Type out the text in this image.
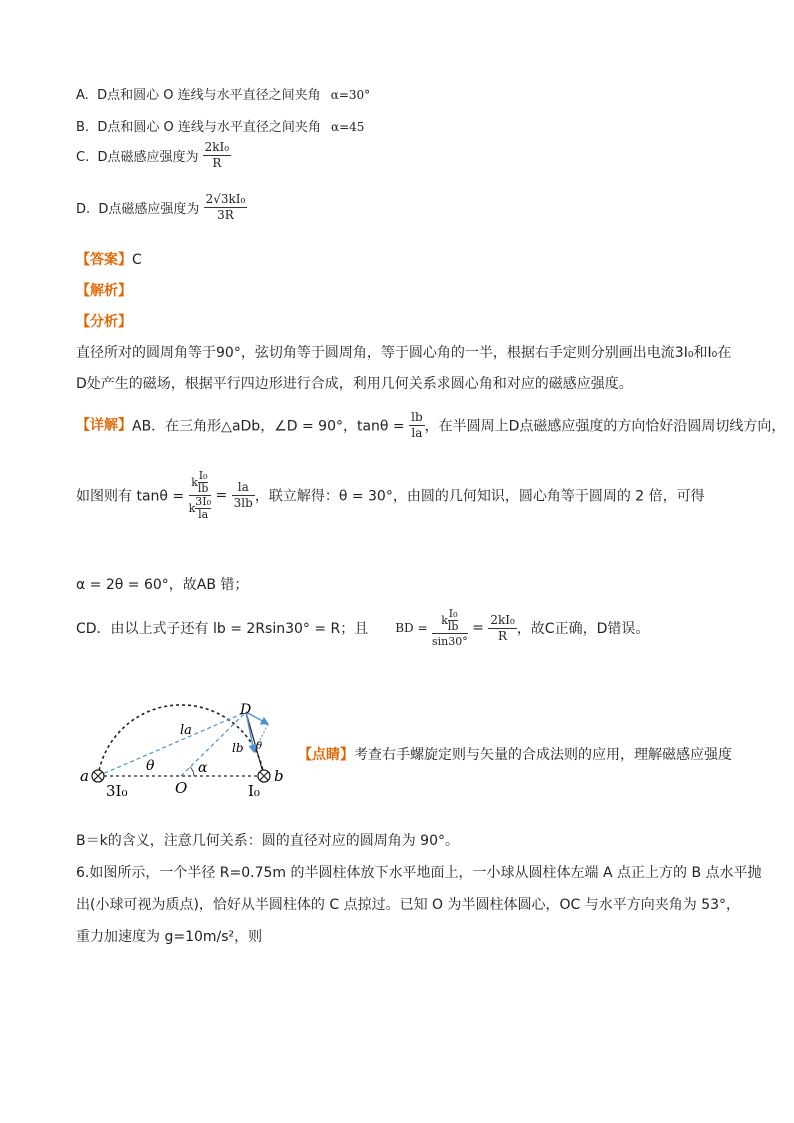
A.  D点和圆心 O 连线与水平直径之间夹角 α=30°
B.  D点和圆心 O 连线与水平直径之间夹角 α=45
C.  D点磁感应强度为 $\frac{\text{2kI₀}}{R}$
D.  D点磁感应强度为 $\frac{\text{2√3kI₀}}{3R}$
【答案】C
【解析】
【分析】
直径所对的圆周角等于90°，弦切角等于圆周角，等于圆心角的一半，根据右手定则分别画出电流3I₀和I₀在
D处产生的磁场，根据平行四边形进行合成，利用几何关系求圆心角和对应的磁感应强度。
【详解】AB．在三角形△aDb，∠D = 90°，$\tan\theta = \frac{lb}{la}$ ，在半圆周上D点磁感应强度的方向恰好沿圆周切线方向，
如图则有 $\tan\theta = \frac{k \frac{\text{I₀}}{lb}}{k \frac{\text{3I₀}}{la}} = \frac{la}{3lb}$ ，联立解得：θ = 30°，由圆的几何知识，圆心角等于圆周的 2 倍，可得
α = 2θ = 60°，故AB 错；
CD．由以上式子还有 lb = 2Rsin30° = R；且 BD = $\frac{k \frac{\text{I₀}}{lb}}{\sin 30^\circ} = \frac{\text{2kI₀}}{R}$ ，故C正确，D错误。
D
la
lb θ
θ	α
a
O
b
3I₀	I₀
【点睛】考查右手螺旋定则与矢量的合成法则的应用，理解磁感应强度
B＝k的含义，注意几何关系：圆的直径对应的圆周角为 90°。
6.如图所示，一个半径 R=0.75m 的半圆柱体放下水平地面上，一小球从圆柱体左端 A 点正上方的 B 点水平抛
出(小球可视为质点)，恰好从半圆柱体的 C 点掠过。已知 O 为半圆柱体圆心，OC 与水平方向夹角为 53°，
重力加速度为 g=10m/s²，则
